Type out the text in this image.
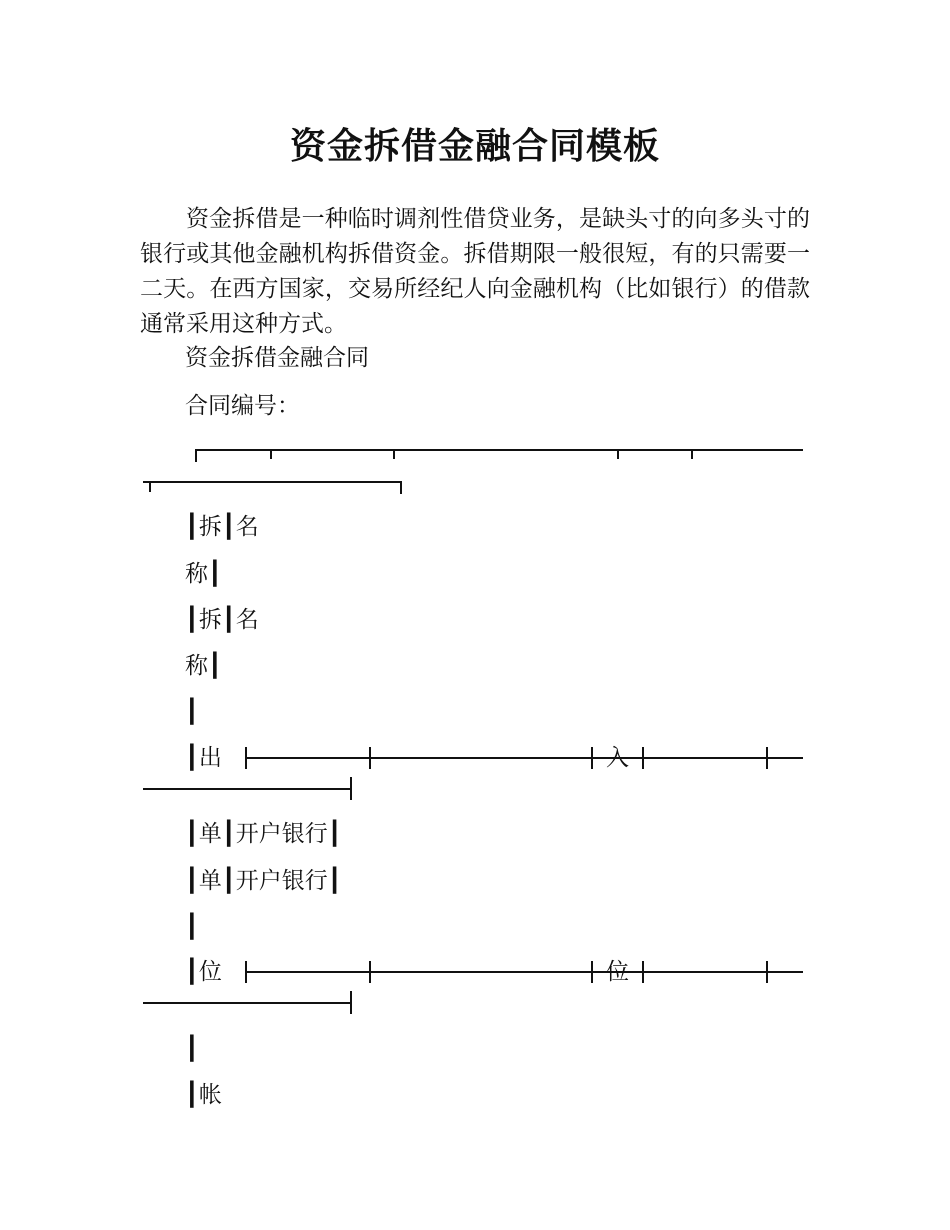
资金拆借金融合同模板

资金拆借是一种临时调剂性借贷业务，是缺头寸的向多头寸的银行或其他金融机构拆借资金。拆借期限一般很短，有的只需要一二天。在西方国家，交易所经纪人向金融机构（比如银行）的借款通常采用这种方式。

资金拆借金融合同

合同编号：

┃拆┃名

称┃

┃拆┃名

称┃

┃

┃出	入

┃单┃开户银行┃

┃单┃开户银行┃

┃

┃位	位

┃

┃帐
